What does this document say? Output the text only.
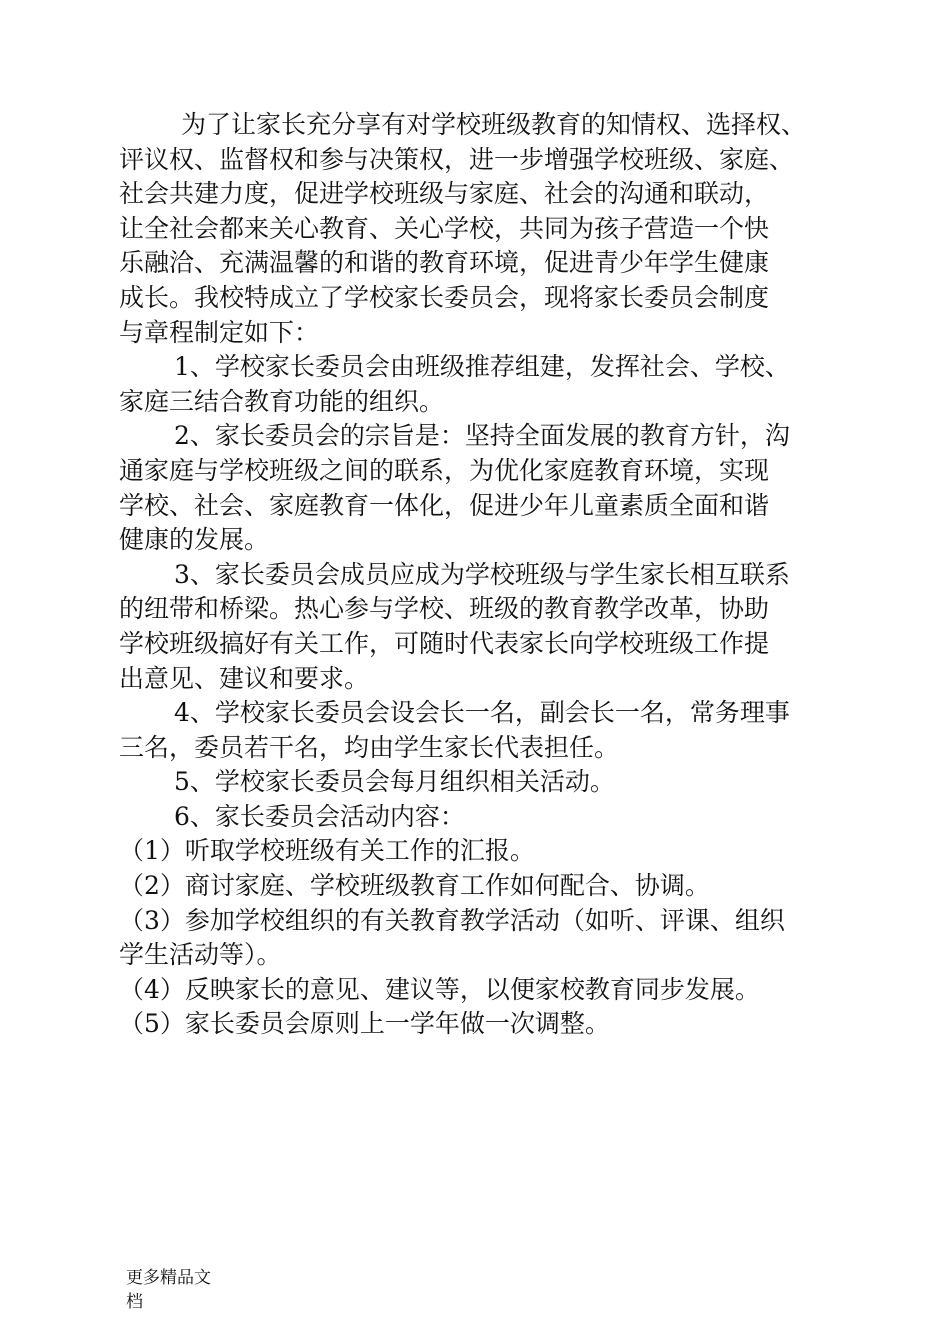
为了让家长充分享有对学校班级教育的知情权、选择权、
评议权、监督权和参与决策权，进一步增强学校班级、家庭、
社会共建力度，促进学校班级与家庭、社会的沟通和联动，
让全社会都来关心教育、关心学校，共同为孩子营造一个快
乐融洽、充满温馨的和谐的教育环境，促进青少年学生健康
成长。我校特成立了学校家长委员会，现将家长委员会制度
与章程制定如下：
1、学校家长委员会由班级推荐组建，发挥社会、学校、
家庭三结合教育功能的组织。
2、家长委员会的宗旨是：坚持全面发展的教育方针，沟
通家庭与学校班级之间的联系，为优化家庭教育环境，实现
学校、社会、家庭教育一体化，促进少年儿童素质全面和谐
健康的发展。
3、家长委员会成员应成为学校班级与学生家长相互联系
的纽带和桥梁。热心参与学校、班级的教育教学改革，协助
学校班级搞好有关工作，可随时代表家长向学校班级工作提
出意见、建议和要求。
4、学校家长委员会设会长一名，副会长一名，常务理事
三名，委员若干名，均由学生家长代表担任。
5、学校家长委员会每月组织相关活动。
6、家长委员会活动内容：
（1）听取学校班级有关工作的汇报。
（2）商讨家庭、学校班级教育工作如何配合、协调。
（3）参加学校组织的有关教育教学活动（如听、评课、组织
学生活动等）。
（4）反映家长的意见、建议等，以便家校教育同步发展。
（5）家长委员会原则上一学年做一次调整。
更多精品文
档
